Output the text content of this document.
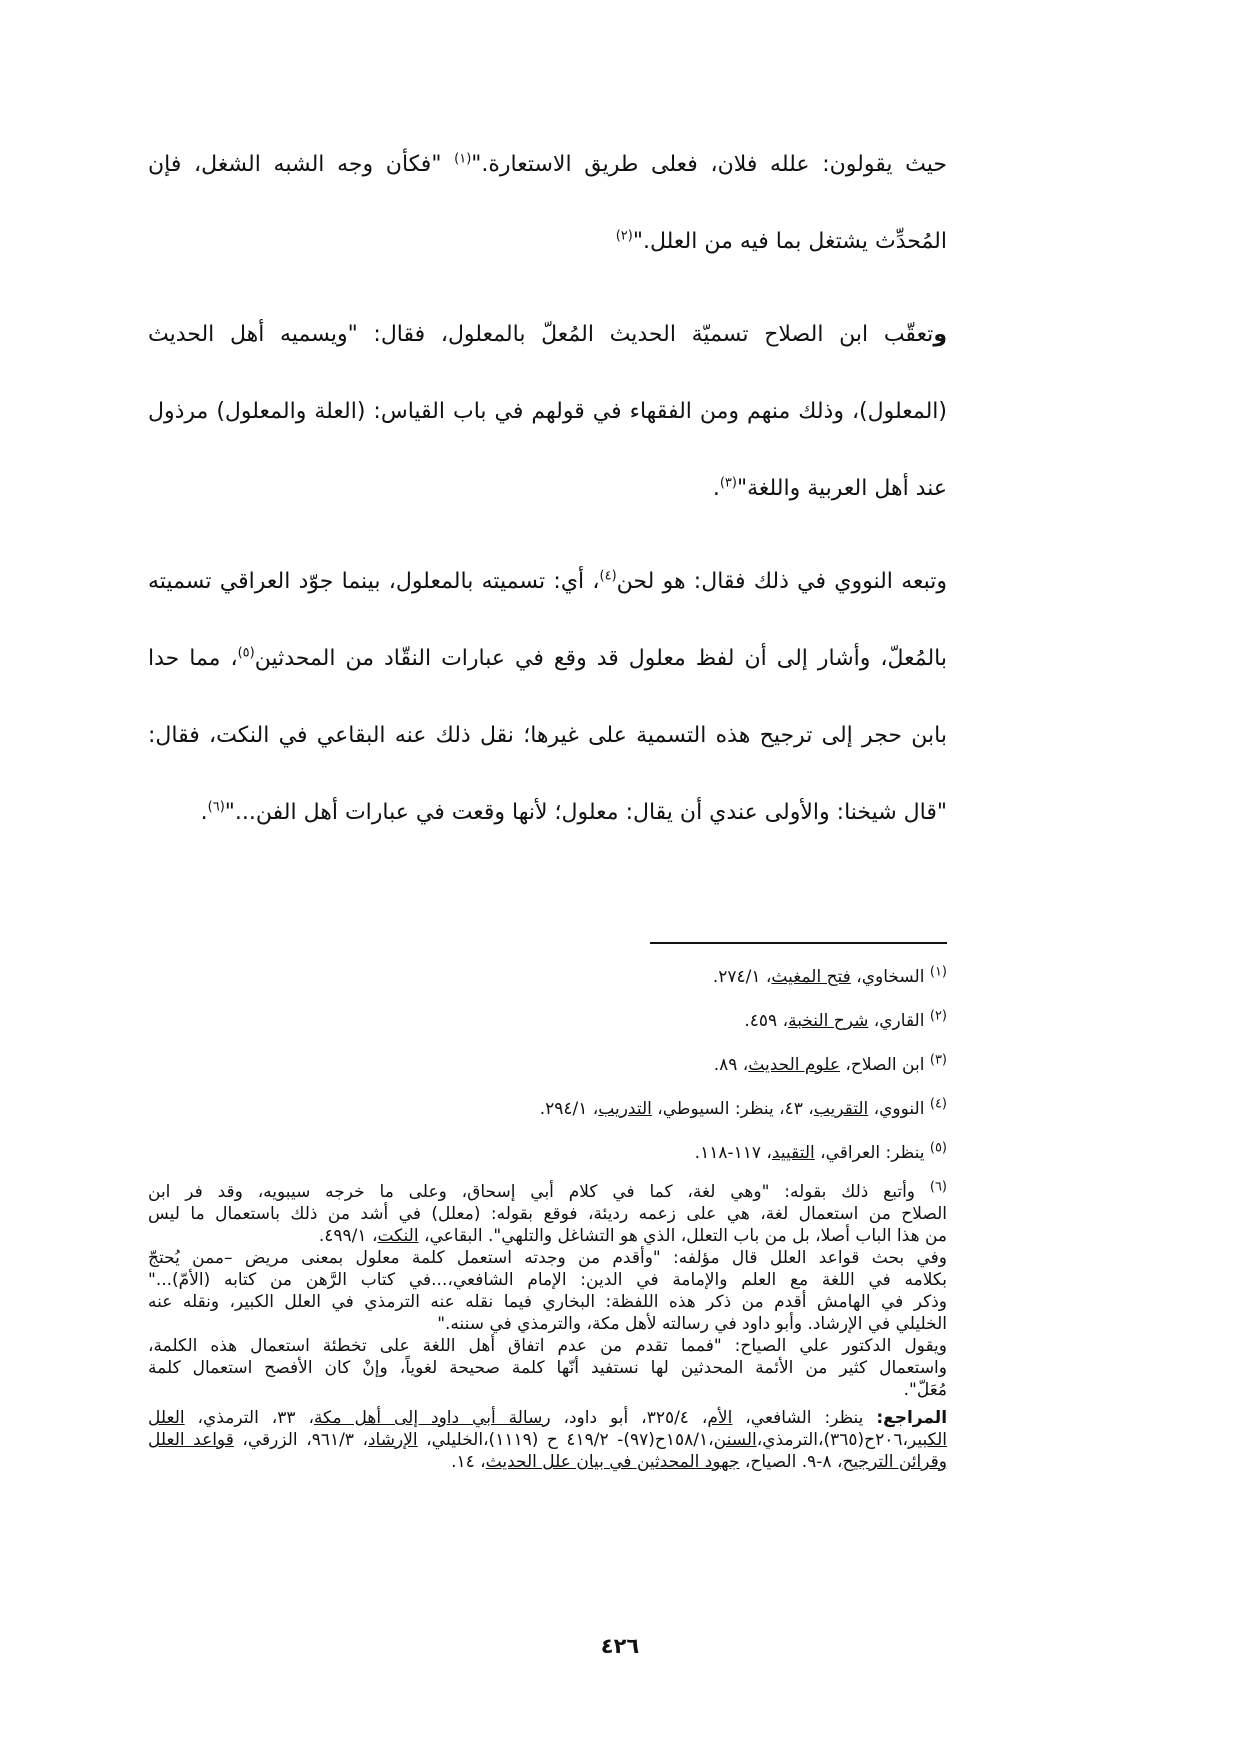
حيث يقولون: علله فلان، فعلى طريق الاستعارة."$^{(١)}$ "فكأن وجه الشبه الشغل، فإن المُحدِّث يشتغل بما فيه من العلل."$^{(٢)}$

وتعقّب ابن الصلاح تسميّة الحديث المُعلّ بالمعلول، فقال: "ويسميه أهل الحديث (المعلول)، وذلك منهم ومن الفقهاء في قولهم في باب القياس: (العلة والمعلول) مرذول عند أهل العربية واللغة"$^{(٣)}$.

وتبعه النووي في ذلك فقال: هو لحن$^{(٤)}$، أي: تسميته بالمعلول، بينما جوّد العراقي تسميته بالمُعلّ، وأشار إلى أن لفظ معلول قد وقع في عبارات النقّاد من المحدثين$^{(٥)}$، مما حدا بابن حجر إلى ترجيح هذه التسمية على غيرها؛ نقل ذلك عنه البقاعي في النكت، فقال: "قال شيخنا: والأولى عندي أن يقال: معلول؛ لأنها وقعت في عبارات أهل الفن..."$^{(٦)}$.

$^{(١)}$ السخاوي، فتح المغيث، ٢٧٤/١.
$^{(٢)}$ القاري، شرح النخبة، ٤٥٩.
$^{(٣)}$ ابن الصلاح، علوم الحديث، ٨٩.
$^{(٤)}$ النووي، التقريب، ٤٣، ينظر: السيوطي، التدريب، ٢٩٤/١.
$^{(٥)}$ ينظر: العراقي، التقييد، ١١٧-١١٨.
$^{(٦)}$ وأتبع ذلك بقوله: "وهي لغة، كما في كلام أبي إسحاق، وعلى ما خرجه سيبويه، وقد فر ابن
الصلاح من استعمال لغة، هي على زعمه رديئة، فوقع بقوله: (معلل) في أشد من ذلك باستعمال ما ليس
من هذا الباب أصلا، بل من باب التعلل، الذي هو التشاغل والتلهي". البقاعي، النكت، ٤٩٩/١.
وفي بحث قواعد العلل قال مؤلفه: "وأقدم من وجدته استعمل كلمة معلول بمعنى مريض –ممن يُحتجّ
بكلامه في اللغة مع العلم والإمامة في الدين: الإمام الشافعي،...في كتاب الرَّهن من كتابه (الأمّ)..."
وذكر في الهامش أقدم من ذكر هذه اللفظة: البخاري فيما نقله عنه الترمذي في العلل الكبير، ونقله عنه
الخليلي في الإرشاد. وأبو داود في رسالته لأهل مكة، والترمذي في سننه."
ويقول الدكتور علي الصياح: "فمما تقدم من عدم اتفاق أهل اللغة على تخطئة استعمال هذه الكلمة،
واستعمال كثير من الأئمة المحدثين لها نستفيد أنّها كلمة صحيحة لغوياً، وإنْ كان الأفصح استعمال كلمة
مُعَلّ".
المراجع: ينظر: الشافعي، الأم، ٣٢٥/٤، أبو داود، رسالة أبي داود إلى أهل مكة، ٣٣، الترمذي، العلل الكبير،٢٠٦ح(٣٦٥)،الترمذي،السنن،١٥٨/١ح(٩٧)- ٤١٩/٢ ح (١١١٩)،الخليلي، الإرشاد، ٩٦١/٣، الزرقي، قواعد العلل وقرائن الترجيح، ٨-٩. الصياح، جهود المحدثين في بيان علل الحديث، ١٤.
٤٢٦
